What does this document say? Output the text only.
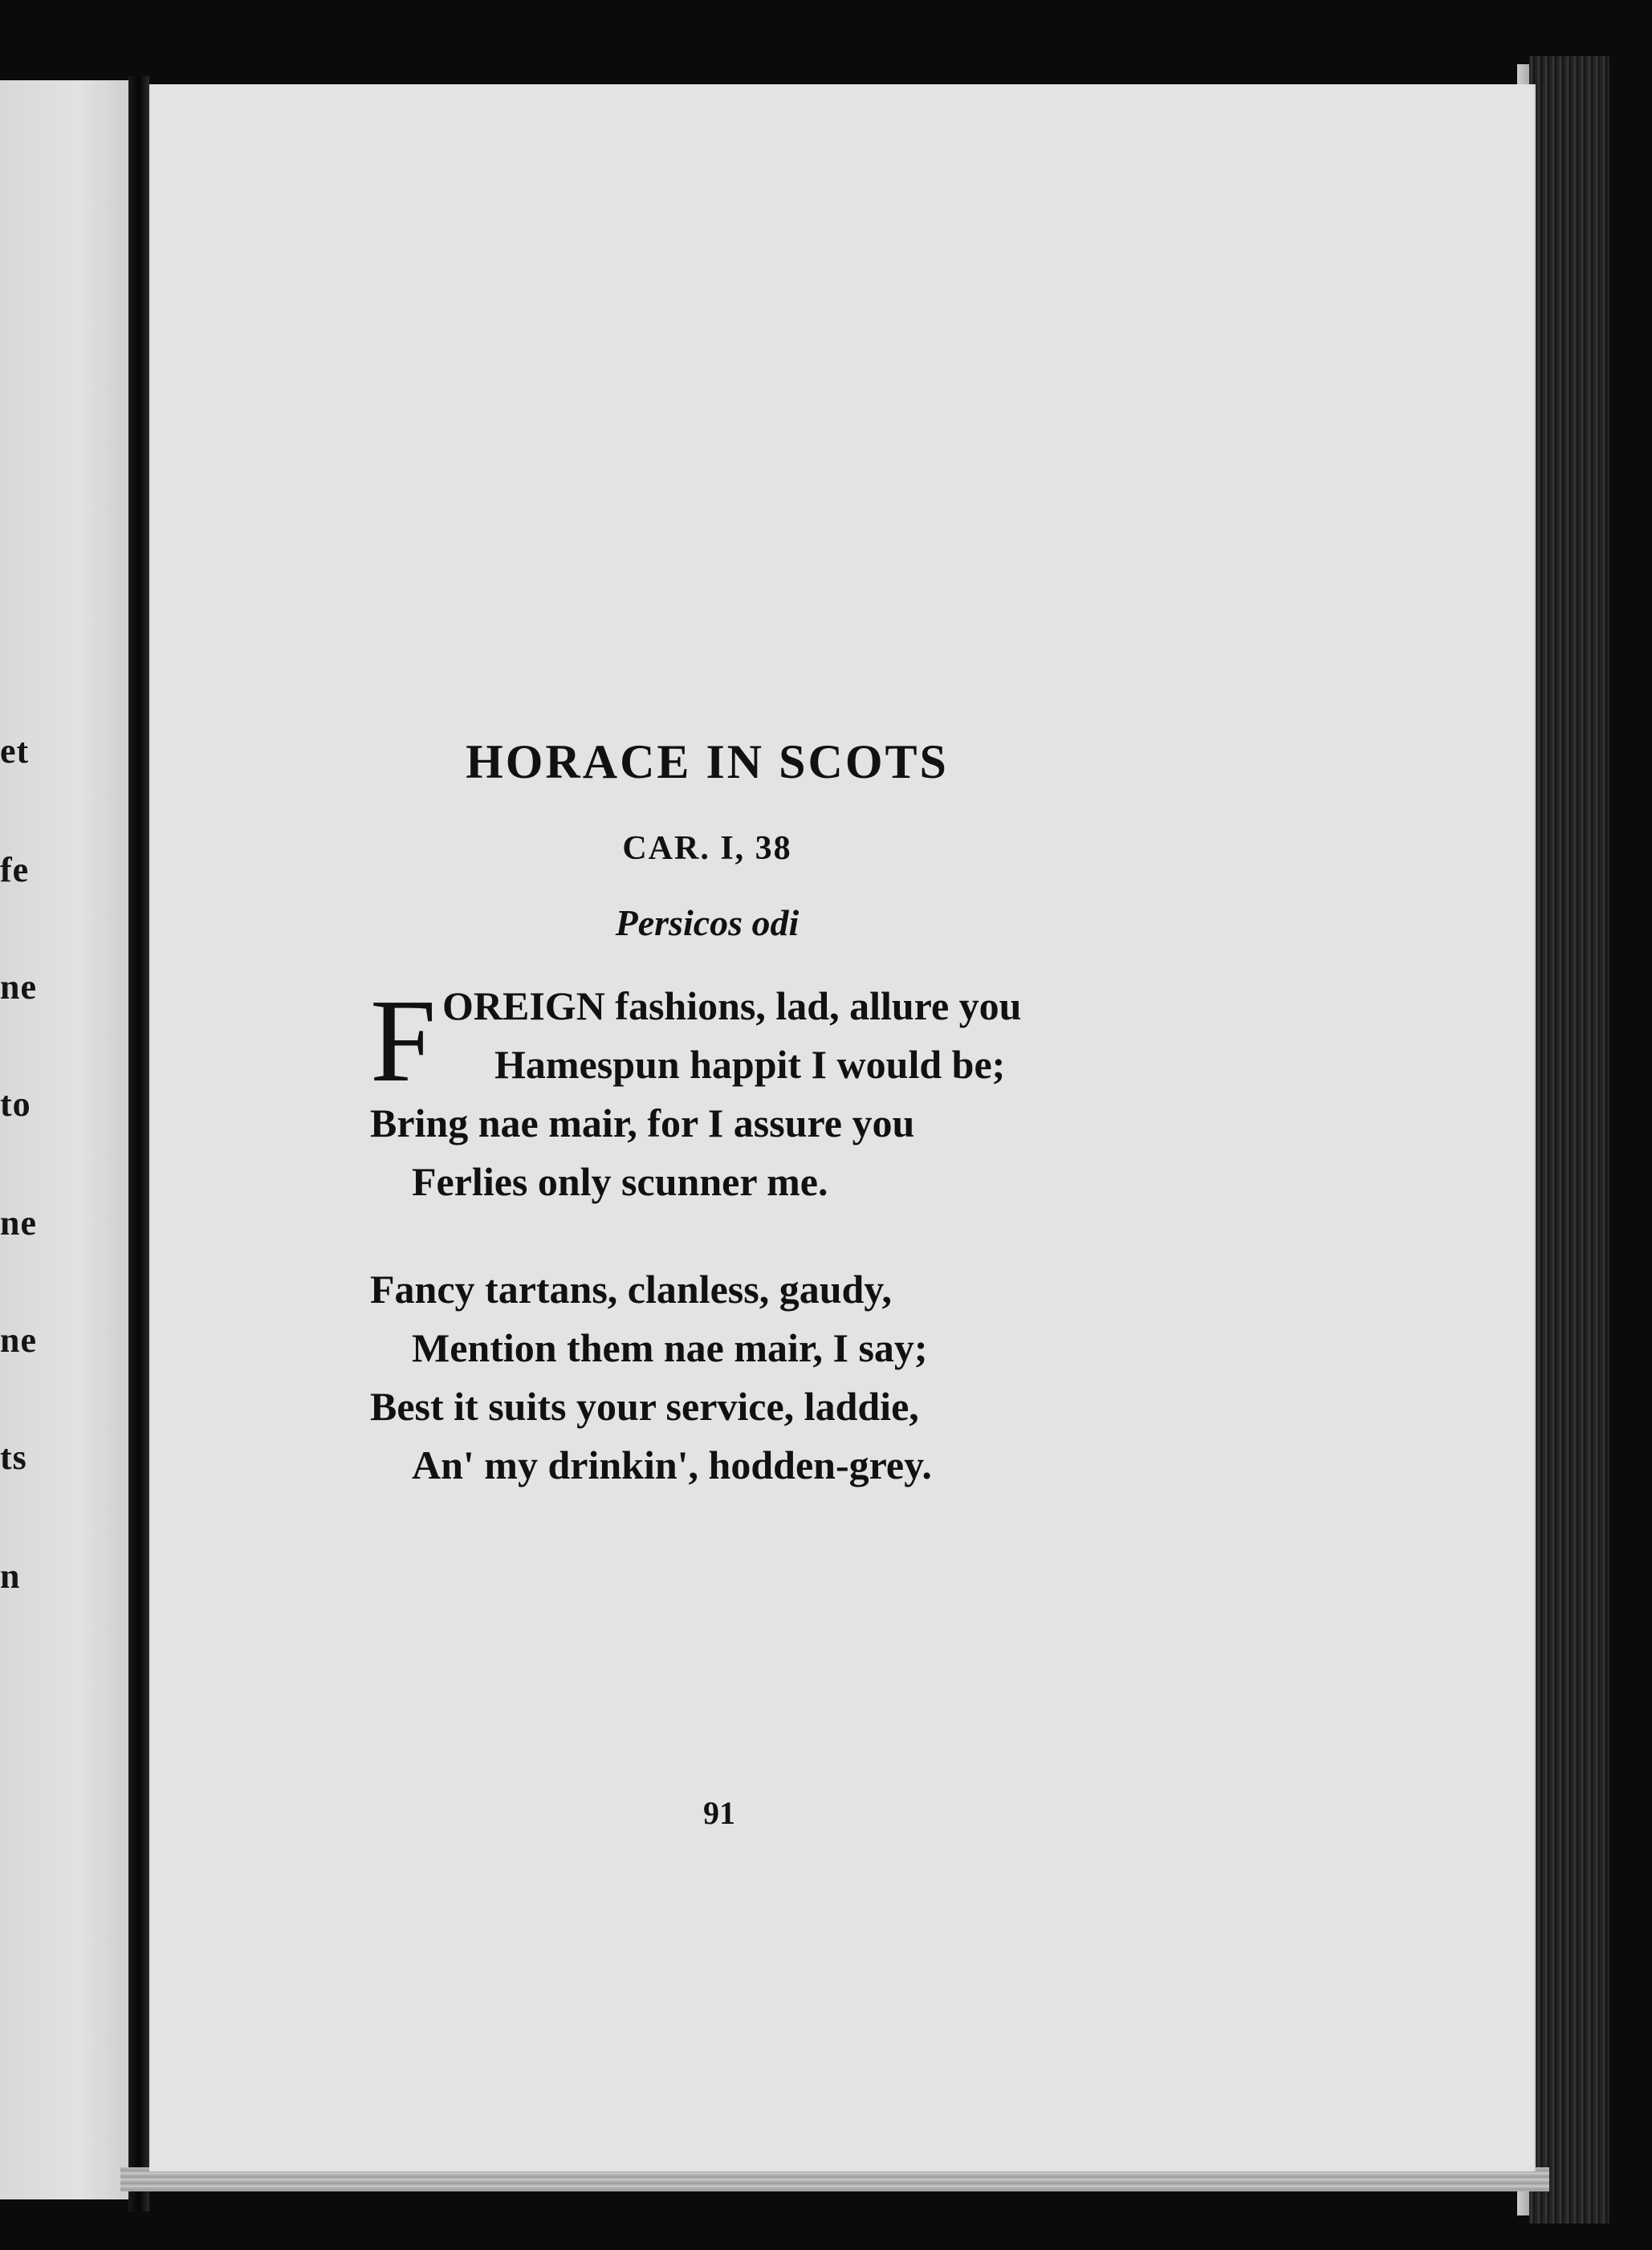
et
fe
ne
to
ne
ne
ts
n
HORACE IN SCOTS
CAR. I, 38
Persicos odi
F OREIGN fashions, lad, allure you
Hamespun happit I would be;
Bring nae mair, for I assure you
Ferlies only scunner me.
Fancy tartans, clanless, gaudy,
Mention them nae mair, I say;
Best it suits your service, laddie,
An' my drinkin', hodden-grey.
91
